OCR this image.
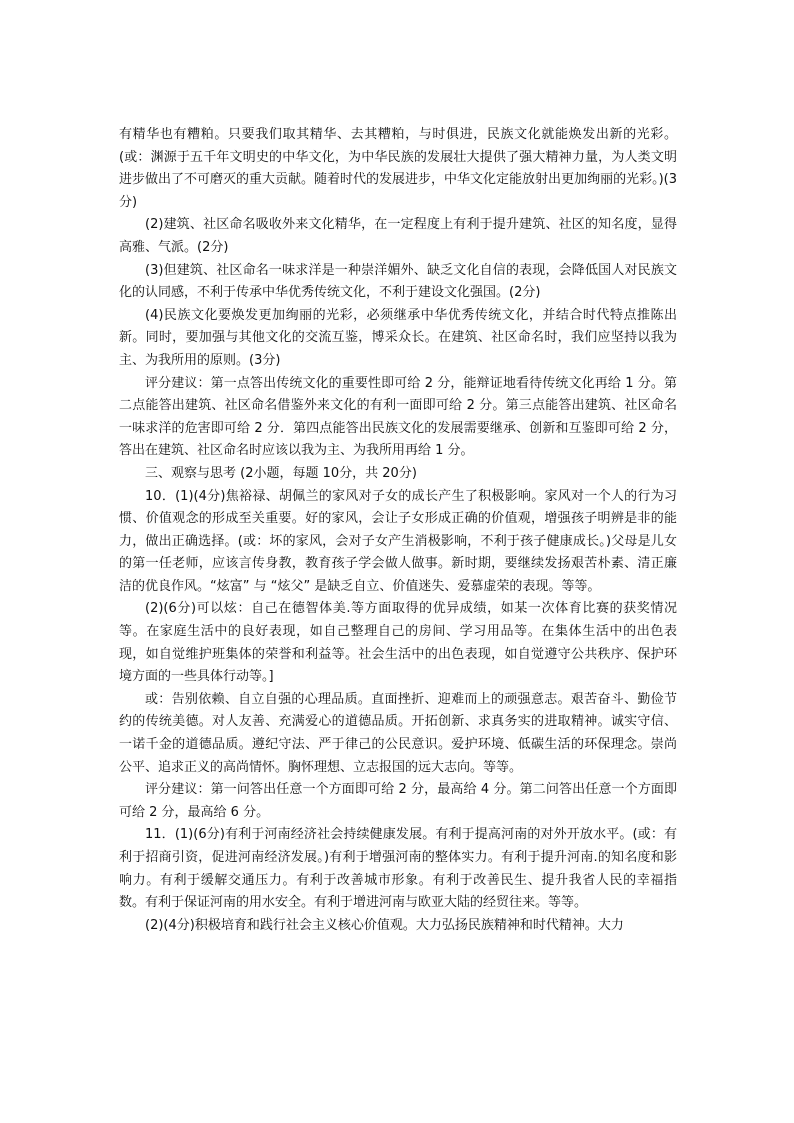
有精华也有糟粕。只要我们取其精华、去其糟粕，与时俱进，民族文化就能焕发出新的光彩。(或：渊源于五千年文明史的中华文化，为中华民族的发展壮大提供了强大精神力量，为人类文明进步做出了不可磨灭的重大贡献。随着时代的发展进步，中华文化定能放射出更加绚丽的光彩。)(3分)

(2)建筑、社区命名吸收外来文化精华，在一定程度上有利于提升建筑、社区的知名度，显得高雅、气派。(2分)

(3)但建筑、社区命名一味求洋是一种崇洋媚外、缺乏文化自信的表现，会降低国人对民族文化的认同感，不利于传承中华优秀传统文化，不利于建设文化强国。(2分)

(4)民族文化要焕发更加绚丽的光彩，必须继承中华优秀传统文化，并结合时代特点推陈出新。同时，要加强与其他文化的交流互鉴，博采众长。在建筑、社区命名时，我们应坚持以我为主、为我所用的原则。(3分)

评分建议：第一点答出传统文化的重要性即可给 2 分，能辩证地看待传统文化再给 1 分。第二点能答出建筑、社区命名借鉴外来文化的有利一面即可给 2 分。第三点能答出建筑、社区命名一味求洋的危害即可给 2 分．第四点能答出民族文化的发展需要继承、创新和互鉴即可给 2 分，答出在建筑、社区命名时应该以我为主、为我所用再给 1 分。

三、观察与思考 (2小题，每题 10分，共 20分)

10．(1)(4分)焦裕禄、胡佩兰的家风对子女的成长产生了积极影响。家风对一个人的行为习惯、价值观念的形成至关重要。好的家风，会让子女形成正确的价值观，增强孩子明辨是非的能力，做出正确选择。(或：坏的家风，会对子女产生消极影响，不利于孩子健康成长。)父母是儿女的第一任老师，应该言传身教，教育孩子学会做人做事。新时期，要继续发扬艰苦朴素、清正廉洁的优良作风。“炫富” 与 “炫父” 是缺乏自立、价值迷失、爱慕虚荣的表现。等等。

(2)(6分)可以炫：自己在德智体美.等方面取得的优异成绩，如某一次体育比赛的获奖情况等。在家庭生活中的良好表现，如自己整理自己的房间、学习用品等。在集体生活中的出色表现，如自觉维护班集体的荣誉和利益等。社会生活中的出色表现，如自觉遵守公共秩序、保护环境方面的一些具体行动等。]

或：告别依赖、自立自强的心理品质。直面挫折、迎难而上的顽强意志。艰苦奋斗、勤俭节约的传统美德。对人友善、充满爱心的道德品质。开拓创新、求真务实的进取精神。诚实守信、一诺千金的道德品质。遵纪守法、严于律己的公民意识。爱护环境、低碳生活的环保理念。崇尚公平、追求正义的高尚情怀。胸怀理想、立志报国的远大志向。等等。

评分建议：第一问答出任意一个方面即可给 2 分，最高给 4 分。第二问答出任意一个方面即可给 2 分，最高给 6 分。

11．(1)(6分)有利于河南经济社会持续健康发展。有利于提高河南的对外开放水平。(或：有利于招商引资，促进河南经济发展。)有利于增强河南的整体实力。有利于提升河南.的知名度和影响力。有利于缓解交通压力。有利于改善城市形象。有利于改善民生、提升我省人民的幸福指数。有利于保证河南的用水安全。有利于增进河南与欧亚大陆的经贸往来。等等。

(2)(4分)积极培育和践行社会主义核心价值观。大力弘扬民族精神和时代精神。大力
